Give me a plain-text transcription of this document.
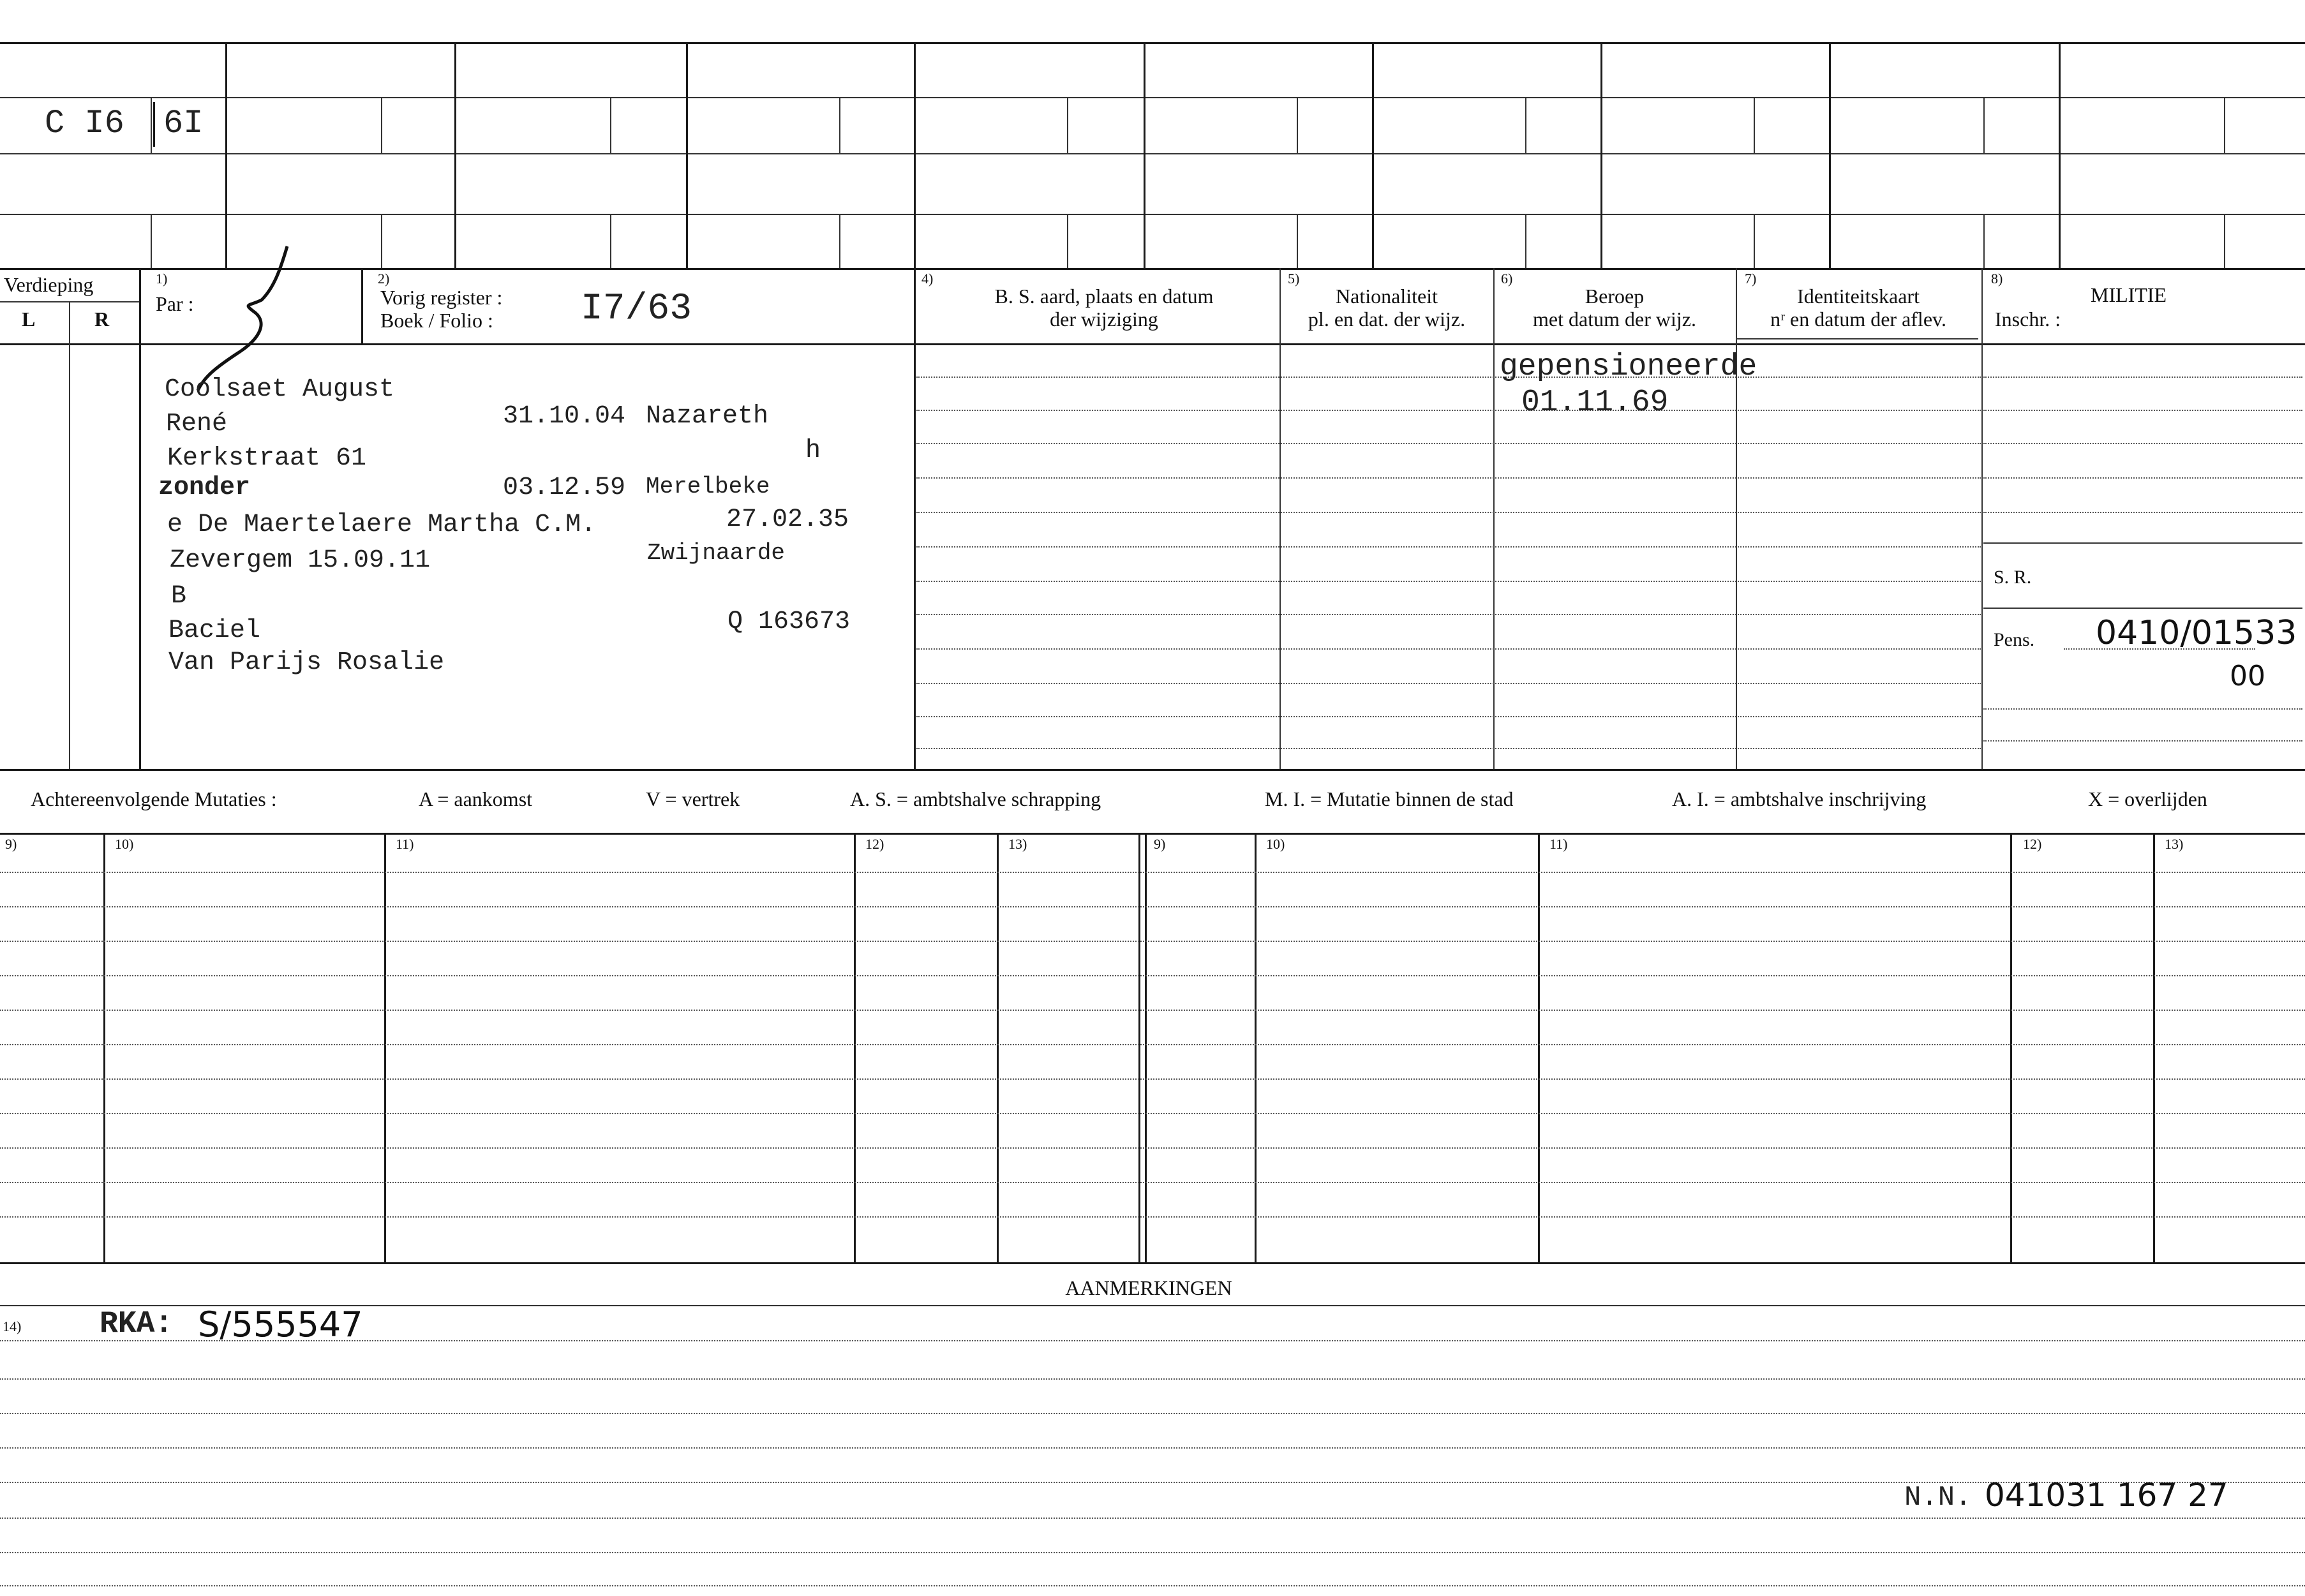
C I6 6I
Verdieping
L	R
1)
Par :
2)
Vorig register :
Boek / Folio : I7/63
4)
B. S. aard, plaats en datum
der wijziging
5)
Nationaliteit
pl. en dat. der wijz.
6)
Beroep
met datum der wijz.
7)
Identiteitskaart
nʳ en datum der aflev.
8)
MILITIE
Inschr. :
Coolsaet August
René	31.10.04 Nazareth
h
Kerkstraat 61
zonder	03.12.59 Merelbeke
e De Maertelaere Martha C.M.	27.02.35
Zevergem 15.09.11	Zwijnaarde
B
Baciel	Q 163673
Van Parijs Rosalie
gepensioneerde
01.11.69
S. R.
Pens. 0410/01533
00
Achtereenvolgende Mutaties :	A = aankomst	V = vertrek	A. S. = ambtshalve schrapping	M. I. = Mutatie binnen de stad	A. I. = ambtshalve inschrijving	X = overlijden
9)	10)	11)	12)	13)	9)	10)	11)	12)	13)
AANMERKINGEN
14)	RKA: S/555547
N.N. 041031 167 27
